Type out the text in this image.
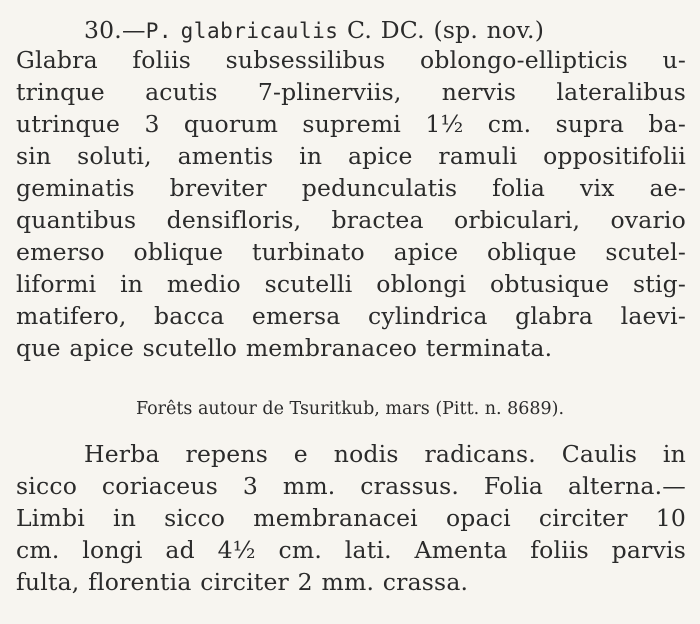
30.—P. glabricaulis C. DC. (sp. nov.)
Glabra foliis subsessilibus oblongo-ellipticis u-
trinque acutis 7-plinerviis, nervis lateralibus
utrinque 3 quorum supremi 1½ cm. supra ba-
sin soluti, amentis in apice ramuli oppositifolii
geminatis breviter pedunculatis folia vix ae-
quantibus densifloris, bractea orbiculari, ovario
emerso oblique turbinato apice oblique scutel-
liformi in medio scutelli oblongi obtusique stig-
matifero, bacca emersa cylindrica glabra laevi-
que apice scutello membranaceo terminata.
Forêts autour de Tsuritkub, mars (Pitt. n. 8689).
Herba repens e nodis radicans. Caulis in
sicco coriaceus 3 mm. crassus. Folia alterna.—
Limbi in sicco membranacei opaci circiter 10
cm. longi ad 4½ cm. lati. Amenta foliis parvis
fulta, florentia circiter 2 mm. crassa.
